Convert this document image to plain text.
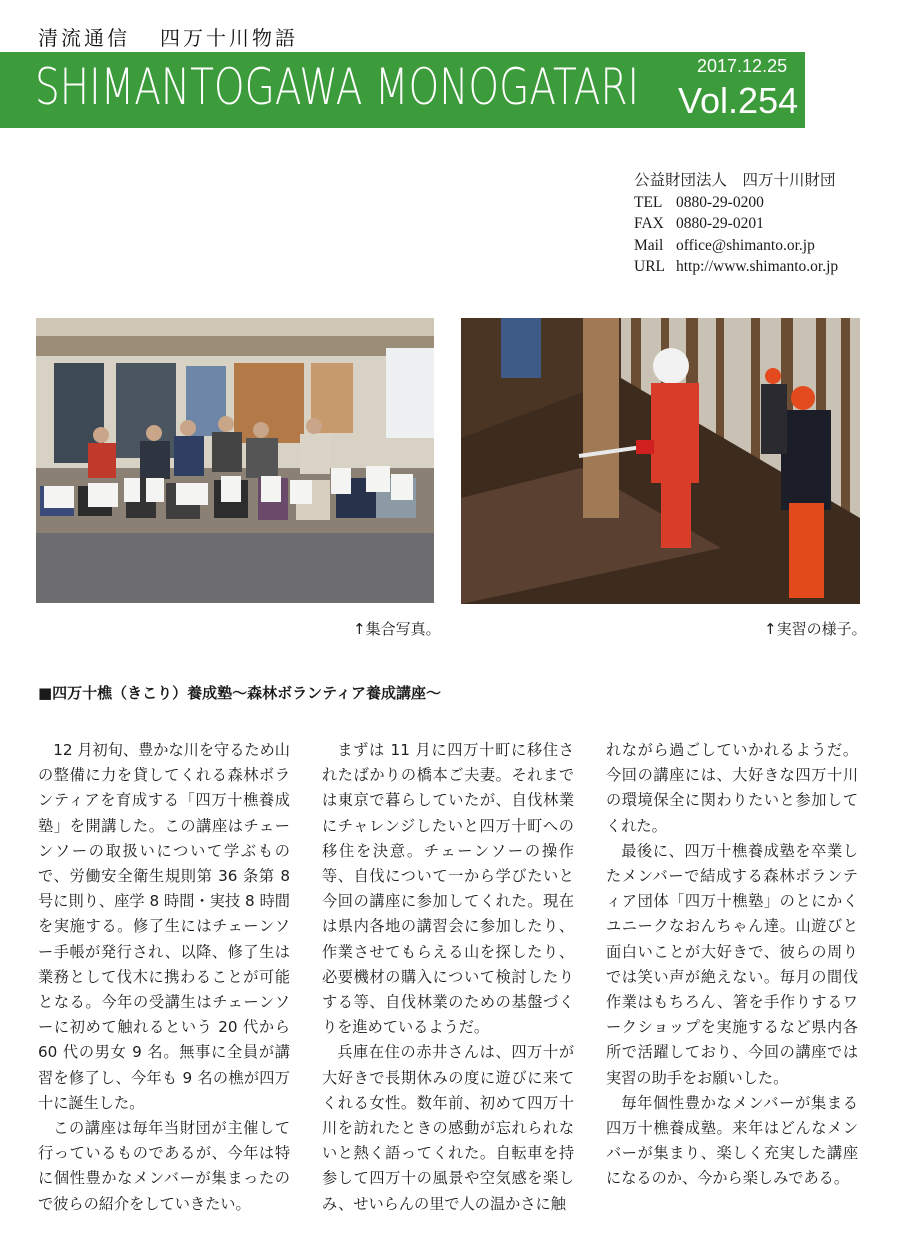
清流通信 四万十川物語
SHIMANTOGAWA MONOGATARI	2017.12.25
Vol.254
公益財団法人　四万十川財団
TEL 0880-29-0200
FAX 0880-29-0201
Mail office@shimanto.or.jp
URL http://www.shimanto.or.jp
↑集合写真。	↑実習の様子。
■四万十樵（きこり）養成塾～森林ボランティア養成講座～

12 月初旬、豊かな川を守るため山の整備に力を貸してくれる森林ボランティアを育成する「四万十樵養成塾」を開講した。この講座はチェーンソーの取扱いについて学ぶもので、労働安全衛生規則第 36 条第 8 号に則り、座学 8 時間・実技 8 時間を実施する。修了生にはチェーンソー手帳が発行され、以降、修了生は業務として伐木に携わることが可能となる。今年の受講生はチェーンソーに初めて触れるという 20 代から 60 代の男女 9 名。無事に全員が講習を修了し、今年も 9 名の樵が四万十に誕生した。

この講座は毎年当財団が主催して行っているものであるが、今年は特に個性豊かなメンバーが集まったので彼らの紹介をしていきたい。

まずは 11 月に四万十町に移住されたばかりの橋本ご夫妻。それまでは東京で暮らしていたが、自伐林業にチャレンジしたいと四万十町への移住を決意。チェーンソーの操作等、自伐について一から学びたいと今回の講座に参加してくれた。現在は県内各地の講習会に参加したり、作業させてもらえる山を探したり、必要機材の購入について検討したりする等、自伐林業のための基盤づくりを進めているようだ。

兵庫在住の赤井さんは、四万十が大好きで長期休みの度に遊びに来てくれる女性。数年前、初めて四万十川を訪れたときの感動が忘れられないと熱く語ってくれた。自転車を持参して四万十の風景や空気感を楽しみ、せいらんの里で人の温かさに触

れながら過ごしていかれるようだ。今回の講座には、大好きな四万十川の環境保全に関わりたいと参加してくれた。

最後に、四万十樵養成塾を卒業したメンバーで結成する森林ボランティア団体「四万十樵塾」のとにかくユニークなおんちゃん達。山遊びと面白いことが大好きで、彼らの周りでは笑い声が絶えない。毎月の間伐作業はもちろん、箸を手作りするワークショップを実施するなど県内各所で活躍しており、今回の講座では実習の助手をお願いした。

毎年個性豊かなメンバーが集まる四万十樵養成塾。来年はどんなメンバーが集まり、楽しく充実した講座になるのか、今から楽しみである。
